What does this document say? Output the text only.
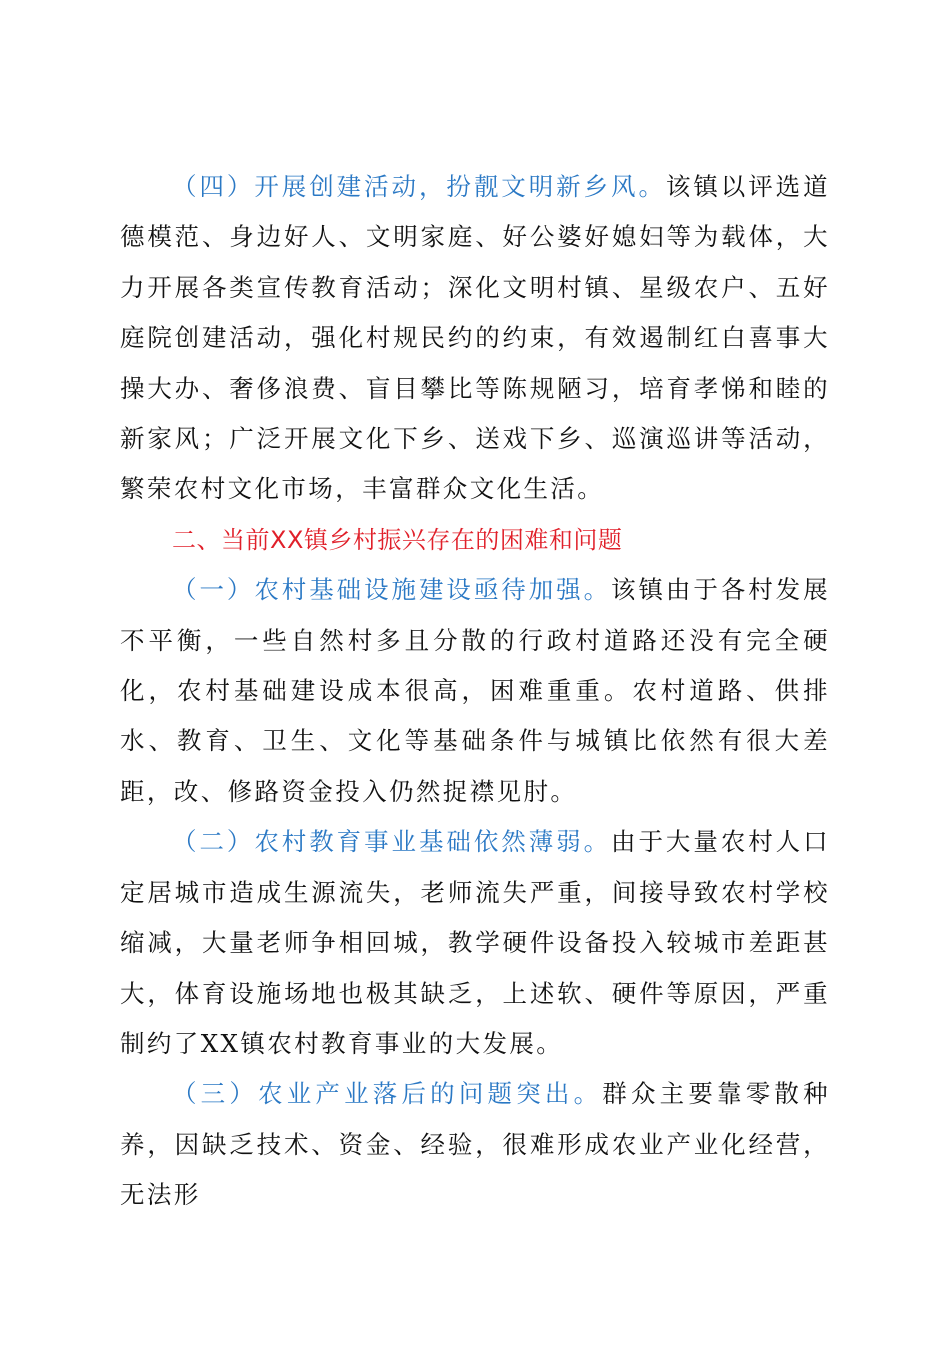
（四）开展创建活动，扮靓文明新乡风。该镇以评选道德模范、身边好人、文明家庭、好公婆好媳妇等为载体，大力开展各类宣传教育活动；深化文明村镇、星级农户、五好庭院创建活动，强化村规民约的约束，有效遏制红白喜事大操大办、奢侈浪费、盲目攀比等陈规陋习，培育孝悌和睦的新家风；广泛开展文化下乡、送戏下乡、巡演巡讲等活动，繁荣农村文化市场，丰富群众文化生活。

二、当前XX镇乡村振兴存在的困难和问题

（一）农村基础设施建设亟待加强。该镇由于各村发展不平衡，一些自然村多且分散的行政村道路还没有完全硬化，农村基础建设成本很高，困难重重。农村道路、供排水、教育、卫生、文化等基础条件与城镇比依然有很大差距，改、修路资金投入仍然捉襟见肘。

（二）农村教育事业基础依然薄弱。由于大量农村人口定居城市造成生源流失，老师流失严重，间接导致农村学校缩减，大量老师争相回城，教学硬件设备投入较城市差距甚大，体育设施场地也极其缺乏，上述软、硬件等原因，严重制约了XX镇农村教育事业的大发展。

（三）农业产业落后的问题突出。群众主要靠零散种养，因缺乏技术、资金、经验，很难形成农业产业化经营，无法形
